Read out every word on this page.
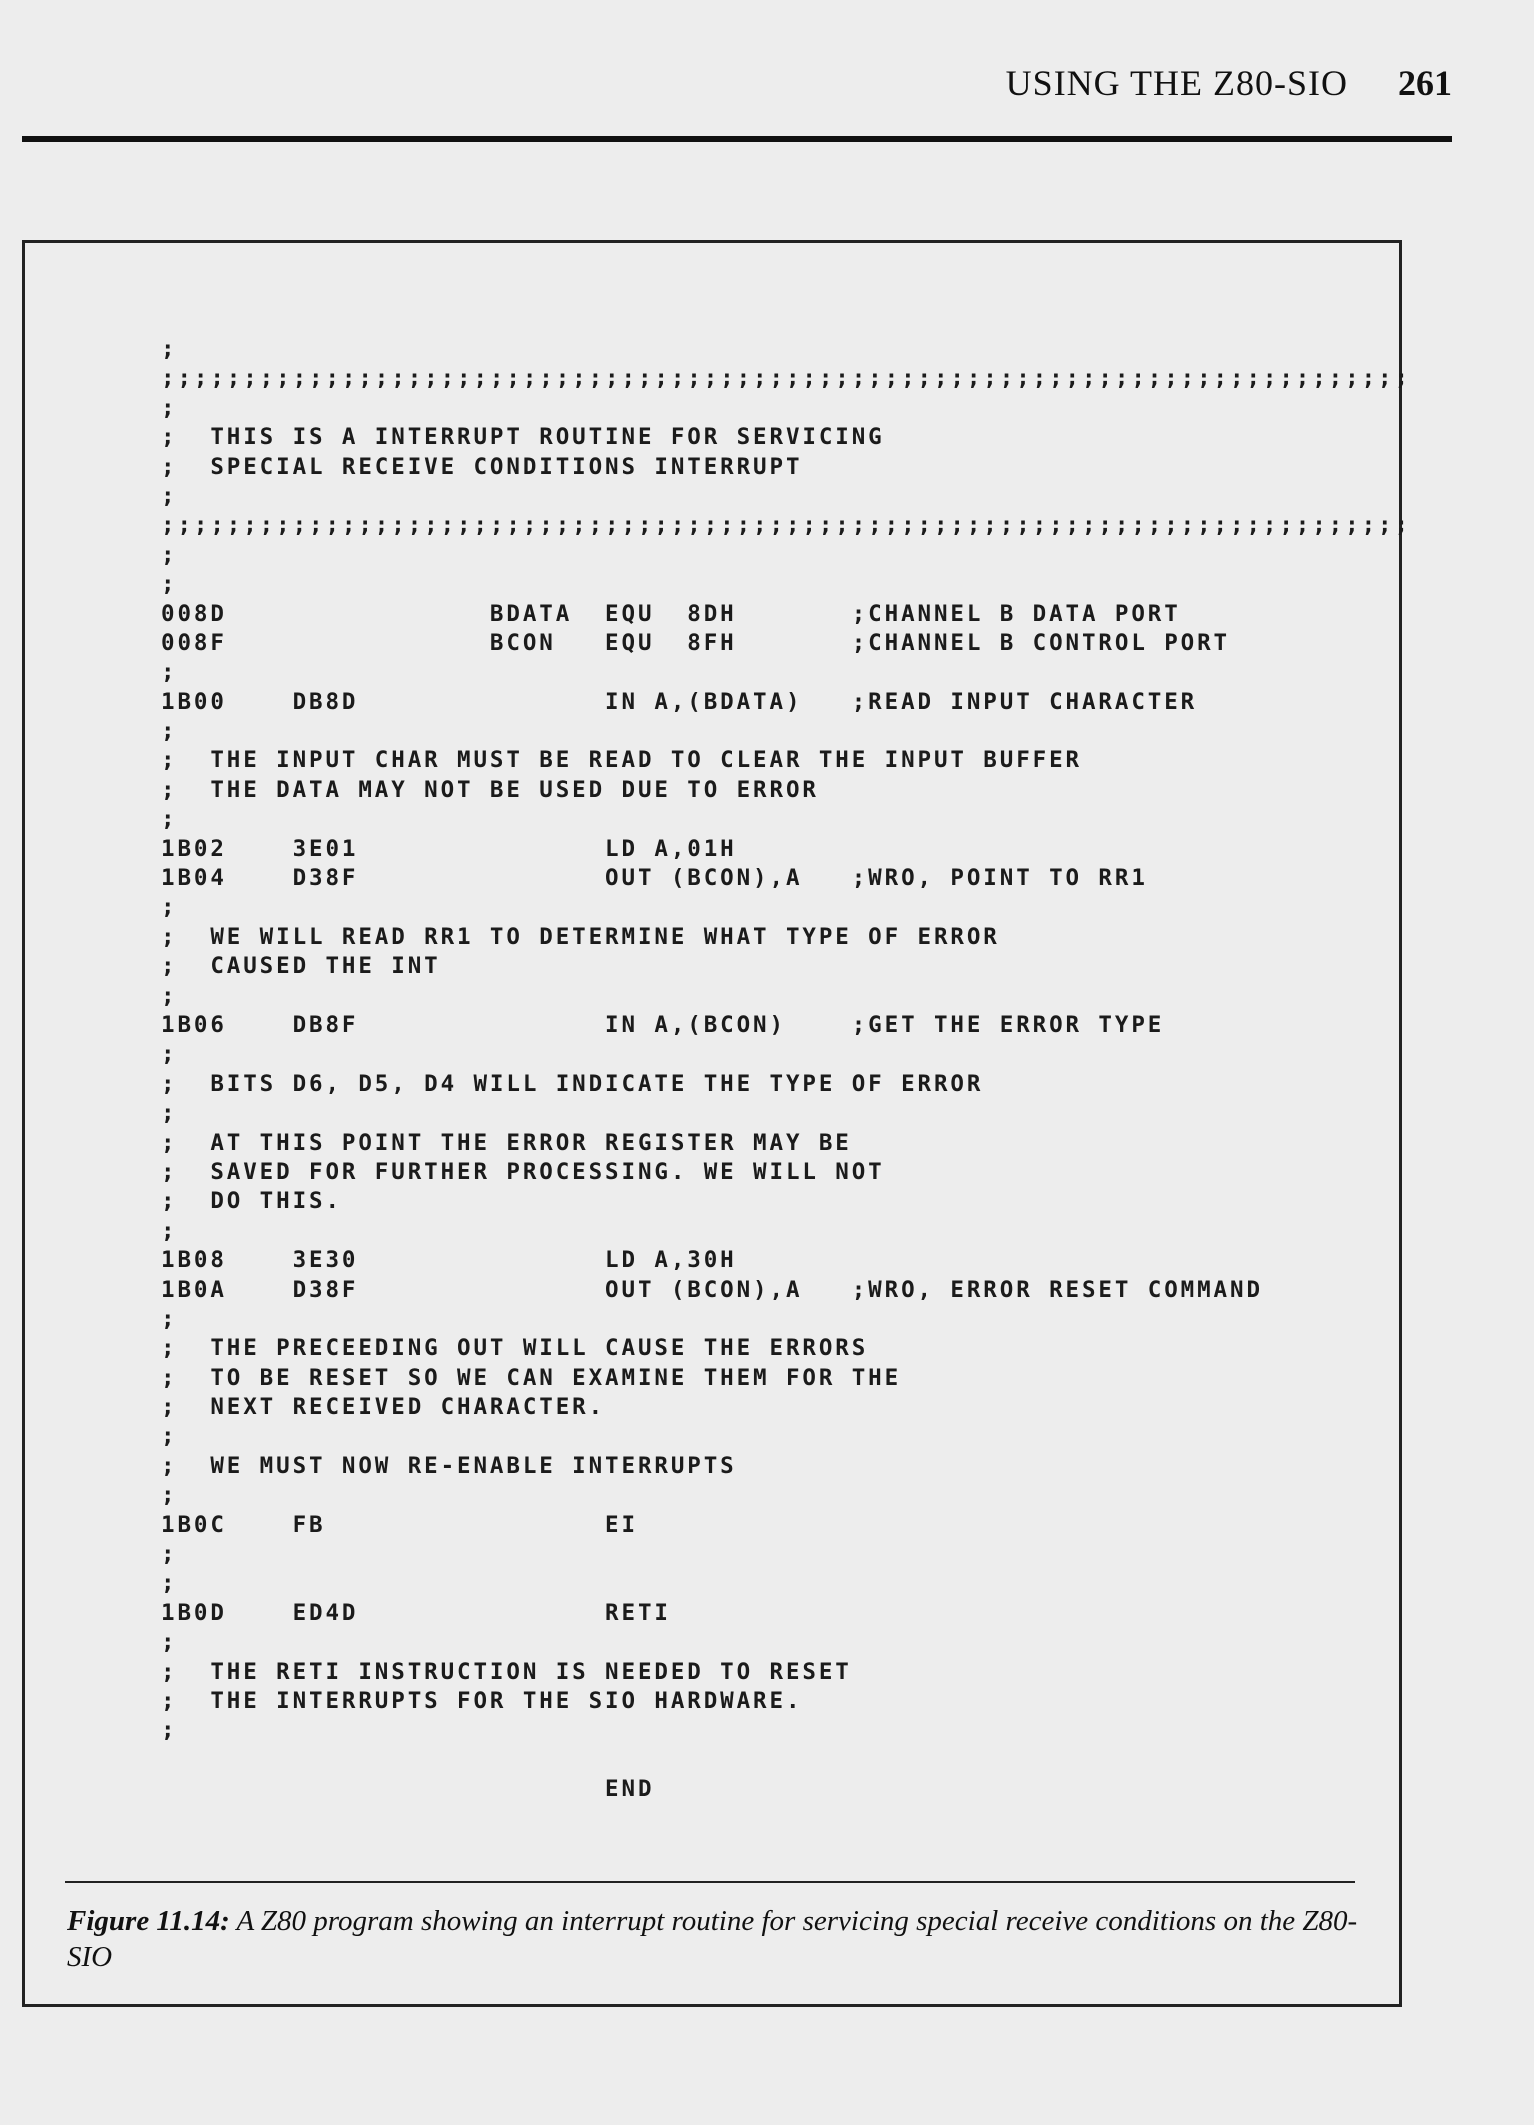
USING THE Z80-SIO 261
;
;;;;;;;;;;;;;;;;;;;;;;;;;;;;;;;;;;;;;;;;;;;;;;;;;;;;;;;;;;;;;;;;;;;;;;;;;;;;
;
;  THIS IS A INTERRUPT ROUTINE FOR SERVICING
;  SPECIAL RECEIVE CONDITIONS INTERRUPT
;
;;;;;;;;;;;;;;;;;;;;;;;;;;;;;;;;;;;;;;;;;;;;;;;;;;;;;;;;;;;;;;;;;;;;;;;;;;;;
;
;
008D                BDATA  EQU  8DH       ;CHANNEL B DATA PORT
008F                BCON   EQU  8FH       ;CHANNEL B CONTROL PORT
;
1B00    DB8D               IN A,(BDATA)   ;READ INPUT CHARACTER
;
;  THE INPUT CHAR MUST BE READ TO CLEAR THE INPUT BUFFER
;  THE DATA MAY NOT BE USED DUE TO ERROR
;
1B02    3E01               LD A,01H
1B04    D38F               OUT (BCON),A   ;WRO, POINT TO RR1
;
;  WE WILL READ RR1 TO DETERMINE WHAT TYPE OF ERROR
;  CAUSED THE INT
;
1B06    DB8F               IN A,(BCON)    ;GET THE ERROR TYPE
;
;  BITS D6, D5, D4 WILL INDICATE THE TYPE OF ERROR
;
;  AT THIS POINT THE ERROR REGISTER MAY BE
;  SAVED FOR FURTHER PROCESSING. WE WILL NOT
;  DO THIS.
;
1B08    3E30               LD A,30H
1B0A    D38F               OUT (BCON),A   ;WRO, ERROR RESET COMMAND
;
;  THE PRECEEDING OUT WILL CAUSE THE ERRORS
;  TO BE RESET SO WE CAN EXAMINE THEM FOR THE
;  NEXT RECEIVED CHARACTER.
;
;  WE MUST NOW RE-ENABLE INTERRUPTS
;
1B0C    FB                 EI
;
;
1B0D    ED4D               RETI
;
;  THE RETI INSTRUCTION IS NEEDED TO RESET
;  THE INTERRUPTS FOR THE SIO HARDWARE.
;
END
Figure 11.14: A Z80 program showing an interrupt routine for servicing special receive conditions on the Z80-SIO
